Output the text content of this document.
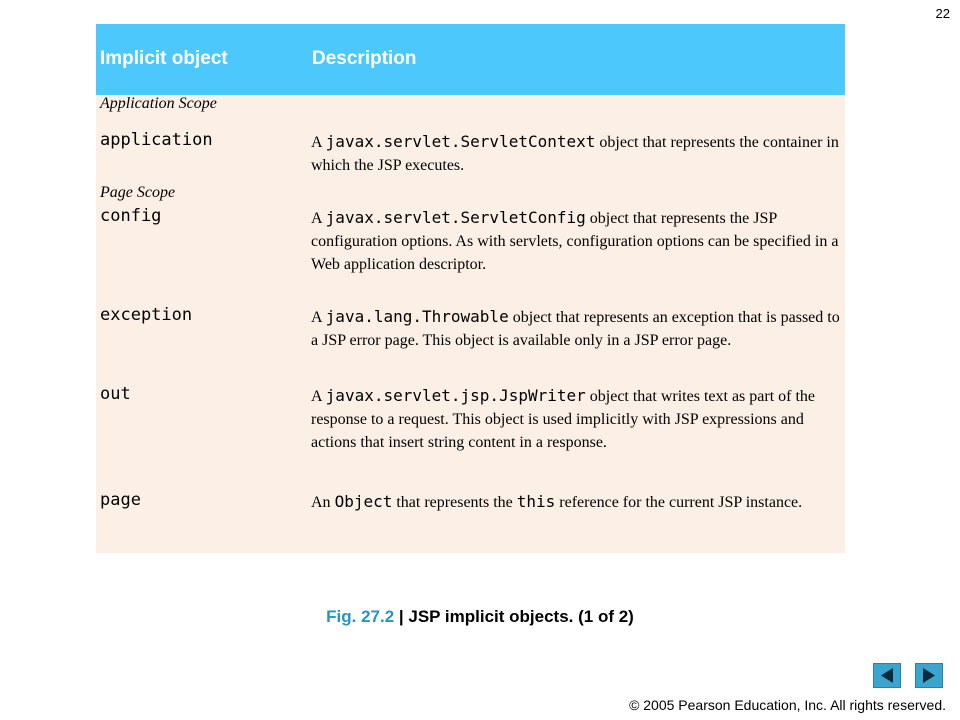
22
Implicit object	Description
Application Scope
application	A javax.servlet.ServletContext object that represents the container in which the JSP executes.
Page Scope
config	A javax.servlet.ServletConfig object that represents the JSP configuration options. As with servlets, configuration options can be specified in a Web application descriptor.
exception	A java.lang.Throwable object that represents an exception that is passed to a JSP error page. This object is available only in a JSP error page.
out	A javax.servlet.jsp.JspWriter object that writes text as part of the response to a request. This object is used implicitly with JSP expressions and actions that insert string content in a response.
page	An Object that represents the this reference for the current JSP instance.
Fig. 27.2 | JSP implicit objects. (1 of 2)
© 2005 Pearson Education, Inc. All rights reserved.
